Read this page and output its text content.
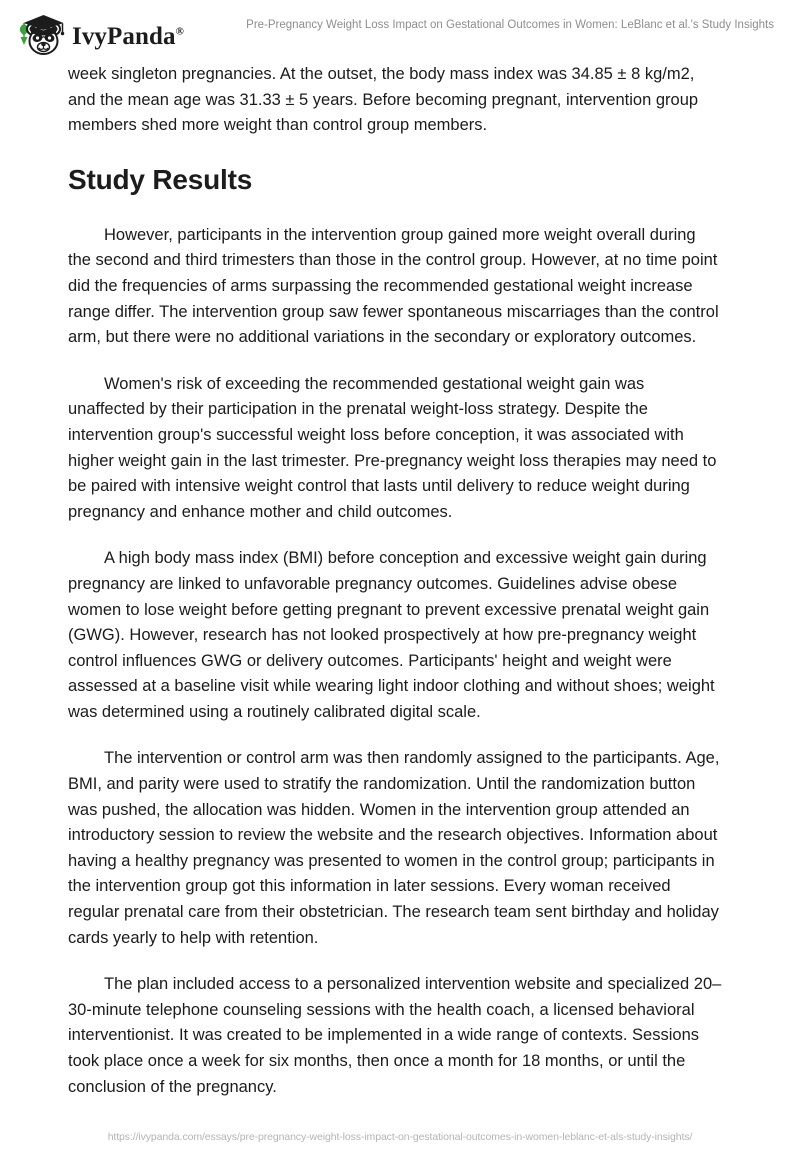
IvyPanda®
Pre-Pregnancy Weight Loss Impact on Gestational Outcomes in Women: LeBlanc et al.'s Study Insights

week singleton pregnancies. At the outset, the body mass index was 34.85 ± 8 kg/m2, and the mean age was 31.33 ± 5 years. Before becoming pregnant, intervention group members shed more weight than control group members.

Study Results

However, participants in the intervention group gained more weight overall during the second and third trimesters than those in the control group. However, at no time point did the frequencies of arms surpassing the recommended gestational weight increase range differ. The intervention group saw fewer spontaneous miscarriages than the control arm, but there were no additional variations in the secondary or exploratory outcomes.

Women's risk of exceeding the recommended gestational weight gain was unaffected by their participation in the prenatal weight-loss strategy. Despite the intervention group's successful weight loss before conception, it was associated with higher weight gain in the last trimester. Pre-pregnancy weight loss therapies may need to be paired with intensive weight control that lasts until delivery to reduce weight during pregnancy and enhance mother and child outcomes.

A high body mass index (BMI) before conception and excessive weight gain during pregnancy are linked to unfavorable pregnancy outcomes. Guidelines advise obese women to lose weight before getting pregnant to prevent excessive prenatal weight gain (GWG). However, research has not looked prospectively at how pre-pregnancy weight control influences GWG or delivery outcomes. Participants' height and weight were assessed at a baseline visit while wearing light indoor clothing and without shoes; weight was determined using a routinely calibrated digital scale.

The intervention or control arm was then randomly assigned to the participants. Age, BMI, and parity were used to stratify the randomization. Until the randomization button was pushed, the allocation was hidden. Women in the intervention group attended an introductory session to review the website and the research objectives. Information about having a healthy pregnancy was presented to women in the control group; participants in the intervention group got this information in later sessions. Every woman received regular prenatal care from their obstetrician. The research team sent birthday and holiday cards yearly to help with retention.

The plan included access to a personalized intervention website and specialized 20–30-minute telephone counseling sessions with the health coach, a licensed behavioral interventionist. It was created to be implemented in a wide range of contexts. Sessions took place once a week for six months, then once a month for 18 months, or until the conclusion of the pregnancy.

https://ivypanda.com/essays/pre-pregnancy-weight-loss-impact-on-gestational-outcomes-in-women-leblanc-et-als-study-insights/
